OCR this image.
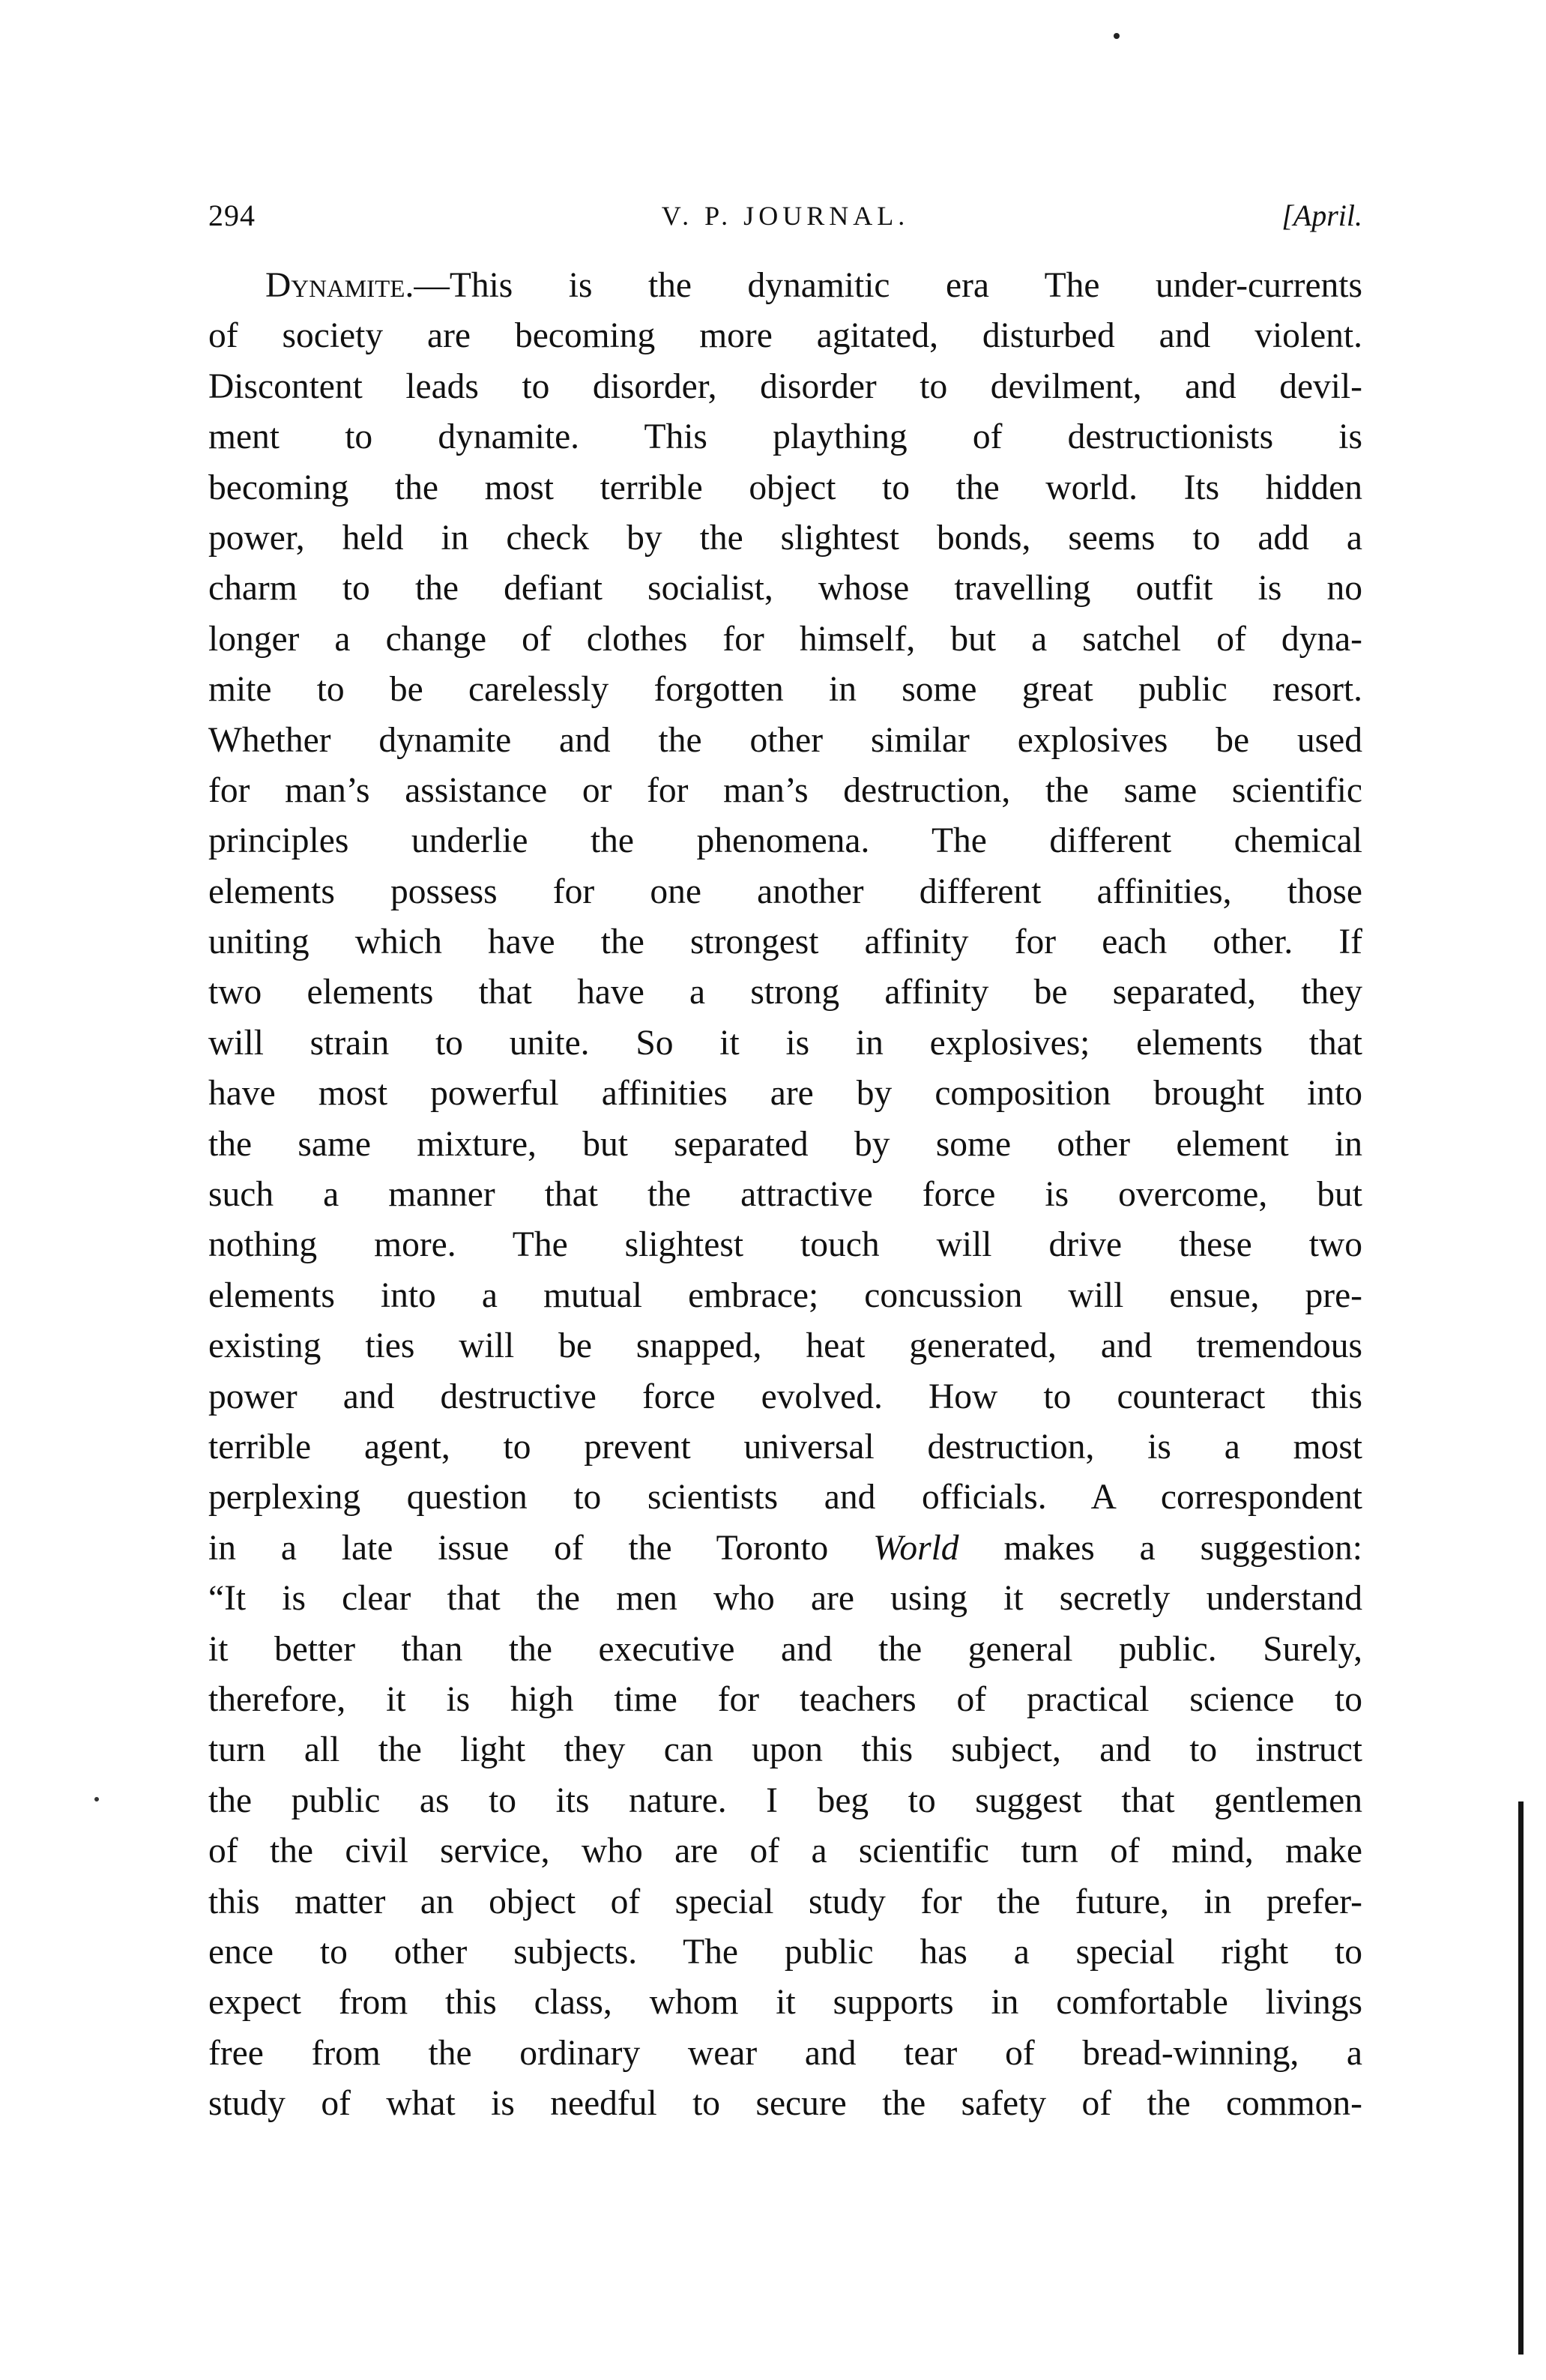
294	V. P. JOURNAL.	[April.
Dynamite.—This is the dynamitic era The under-currents
of society are becoming more agitated, disturbed and violent.
Discontent leads to disorder, disorder to devilment, and devil-
ment to dynamite. This plaything of destructionists is
becoming the most terrible object to the world. Its hidden
power, held in check by the slightest bonds, seems to add a
charm to the defiant socialist, whose travelling outfit is no
longer a change of clothes for himself, but a satchel of dyna-
mite to be carelessly forgotten in some great public resort.
Whether dynamite and the other similar explosives be used
for man’s assistance or for man’s destruction, the same scientific
principles underlie the phenomena. The different chemical
elements possess for one another different affinities, those
uniting which have the strongest affinity for each other. If
two elements that have a strong affinity be separated, they
will strain to unite. So it is in explosives; elements that
have most powerful affinities are by composition brought into
the same mixture, but separated by some other element in
such a manner that the attractive force is overcome, but
nothing more. The slightest touch will drive these two
elements into a mutual embrace; concussion will ensue, pre-
existing ties will be snapped, heat generated, and tremendous
power and destructive force evolved. How to counteract this
terrible agent, to prevent universal destruction, is a most
perplexing question to scientists and officials. A correspondent
in a late issue of the Toronto World makes a suggestion:
“It is clear that the men who are using it secretly understand
it better than the executive and the general public. Surely,
therefore, it is high time for teachers of practical science to
turn all the light they can upon this subject, and to instruct
the public as to its nature. I beg to suggest that gentlemen
of the civil service, who are of a scientific turn of mind, make
this matter an object of special study for the future, in prefer-
ence to other subjects. The public has a special right to
expect from this class, whom it supports in comfortable livings
free from the ordinary wear and tear of bread-winning, a
study of what is needful to secure the safety of the common-
